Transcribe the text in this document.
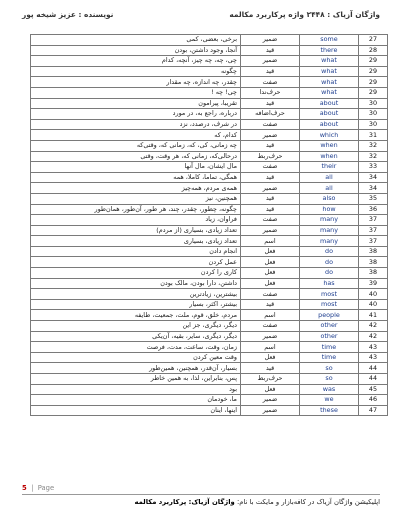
نویسنده : عزیز شیخه پور	واژگان آزیاک : ۲۴۴۸ واژه پرکاربرد مکالمه
برخی، بعضی، کمی	ضمیر	some	27
آنجا، وجود داشتن، بودن	قید	there	28
چی، چه، چه چیز، آنچه، کدام	ضمیر	what	29
چگونه	قید	what	29
چقدر، چه اندازه، چه مقدار	صفت	what	29
چی! چه !	حرف‌ندا	what	29
تقریبا، پیرامون	قید	about	30
درباره، راجع به، در مورد	حرف‌اضافه	about	30
در شرف، درصدد، نزد	صفت	about	30
کدام، که	ضمیر	which	31
چه زمانی، کی، که، زمانی که، وقتی‌که	قید	when	32
درحالی‌که، زمانی که، هر وقت، وقتی	حرف‌ربط	when	32
مال ایشان، مال آنها	صفت	their	33
همگی، تماما، کاملا، همه	قید	all	34
همه‌ی مردم، همه‌چیز	ضمیر	all	34
همچنین، نیز	قید	also	35
چگونه، چطور، چقدر، چند، هر طور، آن‌طور، همان‌طور	قید	how	36
فراوان، زیاد	صفت	many	37
تعداد زیادی، بسیاری (از مردم)	ضمیر	many	37
تعداد زیادی، بسیاری	اسم	many	37
انجام دادن	فعل	do	38
عمل کردن	فعل	do	38
کاری را کردن	فعل	do	38
داشتن، دارا بودن، مالک بودن	فعل	has	39
بیشترین، زیادترین	صفت	most	40
بیشتر، اکثر، بسیار	قید	most	40
مردم، خلق، قوم، ملت، جمعیت، طایفه	اسم	people	41
دیگر، دیگری، جز این	صفت	other	42
دیگر، دیگری، سایر، بقیه، آن‌یکی	ضمیر	other	42
زمان، وقت، ساعت، مدت، فرصت	اسم	time	43
وقت معین کردن	فعل	time	43
بسیار، آن‌قدر، همچنین، همین‌طور	قید	so	44
پس، بنابراین، لذا، به همین خاطر	حرف‌ربط	so	44
بود	فعل	was	45
ما، خودمان	ضمیر	we	46
اینها، اینان	ضمیر	these	47
5  |  Page
اپلیکیشن واژگان آزیاک در کافه‌بازار و مایکت با نام: واژگان آزیاک: پرکاربرد مکالمه
